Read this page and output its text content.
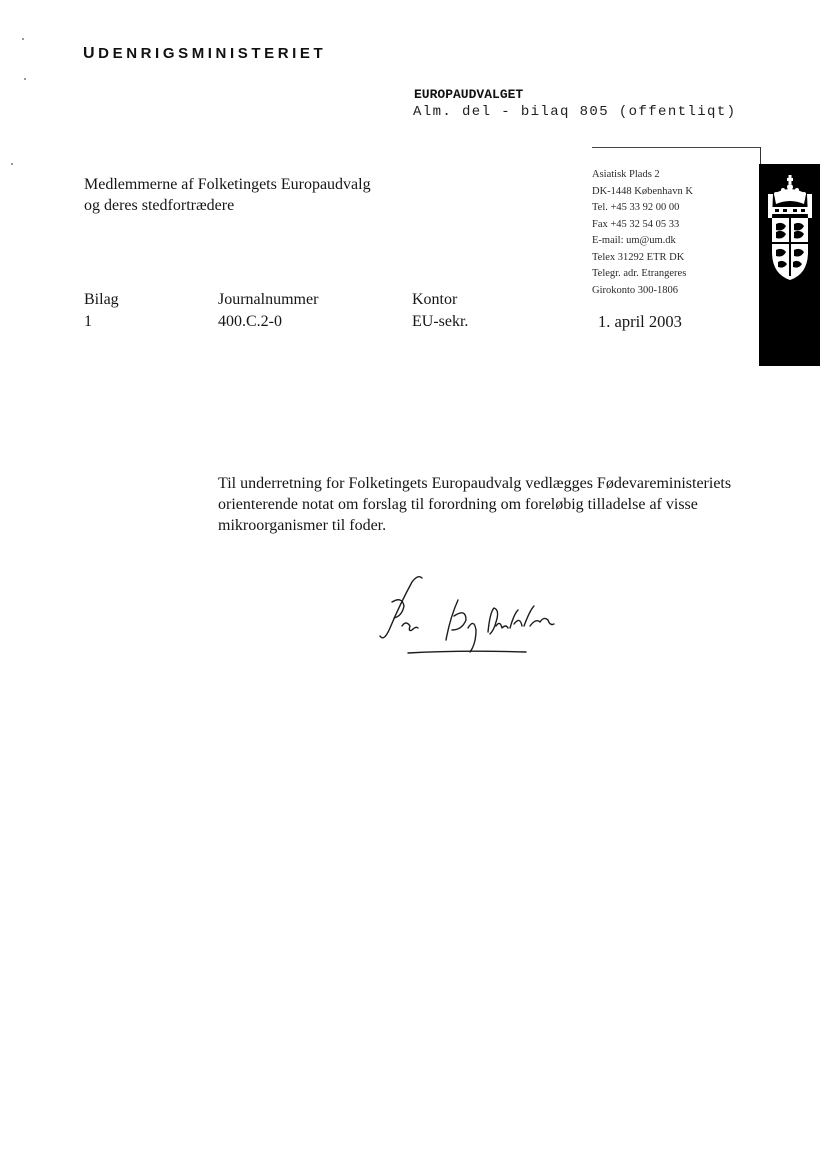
UDENRIGSMINISTERIET
EUROPAUDVALGET
Alm. del - bilaq 805 (offentliqt)
Medlemmerne af Folketingets Europaudvalg
og deres stedfortrædere
Asiatisk Plads 2
DK-1448 København K
Tel. +45 33 92 00 00
Fax +45 32 54 05 33
E-mail: um@um.dk
Telex 31292 ETR DK
Telegr. adr. Etrangeres
Girokonto 300-1806
Bilag
1
Journalnummer
400.C.2-0
Kontor
EU-sekr.	1. april 2003
Til underretning for Folketingets Europaudvalg vedlægges Fødevareministeriets orienterende notat om forslag til forordning om foreløbig tilladelse af visse mikroorganismer til foder.
